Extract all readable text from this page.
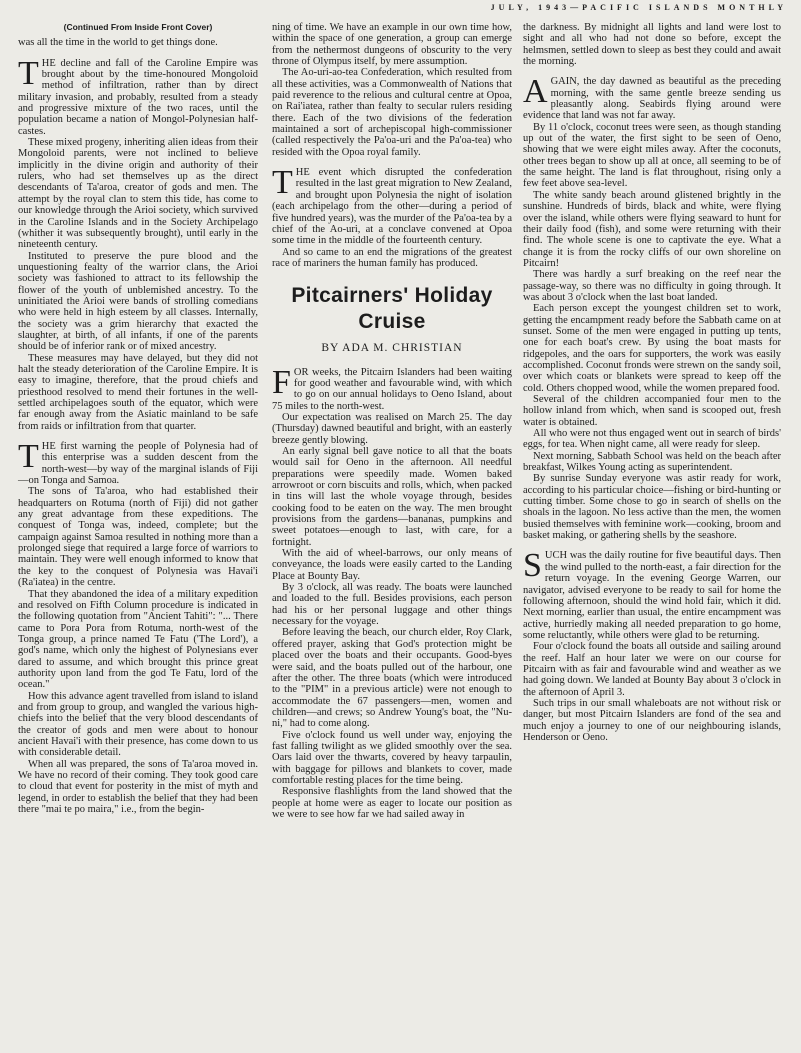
JULY, 1943—PACIFIC ISLANDS MONTHLY
(Continued From Inside Front Cover)

was all the time in the world to get things done.

THE decline and fall of the Caroline Empire was brought about by the time-honoured Mongoloid method of infiltration, rather than by direct military invasion, and probably, resulted from a steady and progressive mixture of the two races, until the population became a nation of Mongol-Polynesian half-castes.

These mixed progeny, inheriting alien ideas from their Mongoloid parents, were not inclined to believe implicitly in the divine origin and authority of their rulers, who had set themselves up as the direct descendants of Ta'aroa, creator of gods and men. The attempt by the royal clan to stem this tide, has come to our knowledge through the Arioi society, which survived in the Caroline Islands and in the Society Archipelago (whither it was subsequently brought), until early in the nineteenth century.

Instituted to preserve the pure blood and the unquestioning fealty of the warrior clans, the Arioi society was fashioned to attract to its fellowship the flower of the youth of unblemished ancestry. To the uninitiated the Arioi were bands of strolling comedians who were held in high esteem by all classes. Internally, the society was a grim hierarchy that exacted the slaughter, at birth, of all infants, if one of the parents should be of inferior rank or of mixed ancestry.

These measures may have delayed, but they did not halt the steady deterioration of the Caroline Empire. It is easy to imagine, therefore, that the proud chiefs and priesthood resolved to mend their fortunes in the well-settled archipelagoes south of the equator, which were far enough away from the Asiatic mainland to be safe from raids or infiltration from that quarter.

THE first warning the people of Polynesia had of this enterprise was a sudden descent from the north-west—by way of the marginal islands of Fiji—on Tonga and Samoa.

The sons of Ta'aroa, who had established their headquarters on Rotuma (north of Fiji) did not gather any great advantage from these expeditions. The conquest of Tonga was, indeed, complete; but the campaign against Samoa resulted in nothing more than a prolonged siege that required a large force of warriors to maintain. They were well enough informed to know that the key to the conquest of Polynesia was Havai'i (Ra'iatea) in the centre.

That they abandoned the idea of a military expedition and resolved on Fifth Column procedure is indicated in the following quotation from "Ancient Tahiti": "... There came to Pora Pora from Rotuma, north-west of the Tonga group, a prince named Te Fatu ('The Lord'), a god's name, which only the highest of Polynesians ever dared to assume, and which brought this prince great authority upon land from the god Te Fatu, lord of the ocean."

How this advance agent travelled from island to island and from group to group, and wangled the various high-chiefs into the belief that the very blood descendants of the creator of gods and men were about to honour ancient Havai'i with their presence, has come down to us with considerable detail.

When all was prepared, the sons of Ta'aroa moved in. We have no record of their coming. They took good care to cloud that event for posterity in the mist of myth and legend, in order to establish the belief that they had been there "mai te po maira," i.e., from the begin-

ning of time. We have an example in our own time how, within the space of one generation, a group can emerge from the nethermost dungeons of obscurity to the very throne of Olympus itself, by mere assumption.

The Ao-uri-ao-tea Confederation, which resulted from all these activities, was a Commonwealth of Nations that paid reverence to the relious and cultural centre at Opoa, on Rai'iatea, rather than fealty to secular rulers residing there. Each of the two divisions of the federation maintained a sort of archepiscopal high-commissioner (called respectively the Pa'oa-uri and the Pa'oa-tea) who resided with the Opoa royal family.

THE event which disrupted the confederation resulted in the last great migration to New Zealand, and brought upon Polynesia the night of isolation (each archipelago from the other—during a period of five hundred years), was the murder of the Pa'oa-tea by a chief of the Ao-uri, at a conclave convened at Opoa some time in the middle of the fourteenth century.

And so came to an end the migrations of the greatest race of mariners the human family has produced.

Pitcairners' Holiday Cruise
BY ADA M. CHRISTIAN

FOR weeks, the Pitcairn Islanders had been waiting for good weather and favourable wind, with which to go on our annual holidays to Oeno Island, about 75 miles to the north-west.

Our expectation was realised on March 25. The day (Thursday) dawned beautiful and bright, with an easterly breeze gently blowing.

An early signal bell gave notice to all that the boats would sail for Oeno in the afternoon. All needful preparations were speedily made. Women baked arrowroot or corn biscuits and rolls, which, when packed in tins will last the whole voyage through, besides cooking food to be eaten on the way. The men brought provisions from the gardens—bananas, pumpkins and sweet potatoes—enough to last, with care, for a fortnight.

With the aid of wheel-barrows, our only means of conveyance, the loads were easily carted to the Landing Place at Bounty Bay.

By 3 o'clock, all was ready. The boats were launched and loaded to the full. Besides provisions, each person had his or her personal luggage and other things necessary for the voyage.

Before leaving the beach, our church elder, Roy Clark, offered prayer, asking that God's protection might be placed over the boats and their occupants. Good-byes were said, and the boats pulled out of the harbour, one after the other. The three boats (which were introduced to the "PIM" in a previous article) were not enough to accommodate the 67 passengers—men, women and children—and crews; so Andrew Young's boat, the "Nu-ni," had to come along.

Five o'clock found us well under way, enjoying the fast falling twilight as we glided smoothly over the sea. Oars laid over the thwarts, covered by heavy tarpaulin, with baggage for pillows and blankets to cover, made comfortable resting places for the time being.

Responsive flashlights from the land showed that the people at home were as eager to locate our position as we were to see how far we had sailed away in

the darkness. By midnight all lights and land were lost to sight and all who had not done so before, except the helmsmen, settled down to sleep as best they could and await the morning.

AGAIN, the day dawned as beautiful as the preceding morning, with the same gentle breeze sending us pleasantly along. Seabirds flying around were evidence that land was not far away.

By 11 o'clock, coconut trees were seen, as though standing up out of the water, the first sight to be seen of Oeno, showing that we were eight miles away. After the coconuts, other trees began to show up all at once, all seeming to be of the same height. The land is flat throughout, rising only a few feet above sea-level.

The white sandy beach around glistened brightly in the sunshine. Hundreds of birds, black and white, were flying over the island, while others were flying seaward to hunt for their daily food (fish), and some were returning with their find. The whole scene is one to captivate the eye. What a change it is from the rocky cliffs of our own shoreline on Pitcairn!

There was hardly a surf breaking on the reef near the passage-way, so there was no difficulty in going through. It was about 3 o'clock when the last boat landed.

Each person except the youngest children set to work, getting the encampment ready before the Sabbath came on at sunset. Some of the men were engaged in putting up tents, one for each boat's crew. By using the boat masts for ridgepoles, and the oars for supporters, the work was easily accomplished. Coconut fronds were strewn on the sandy soil, over which coats or blankets were spread to keep off the cold. Others chopped wood, while the women prepared food.

Several of the children accompanied four men to the hollow inland from which, when sand is scooped out, fresh water is obtained.

All who were not thus engaged went out in search of birds' eggs, for tea. When night came, all were ready for sleep.

Next morning, Sabbath School was held on the beach after breakfast, Wilkes Young acting as superintendent.

By sunrise Sunday everyone was astir ready for work, according to his particular choice—fishing or bird-hunting or cutting timber. Some chose to go in search of shells on the shoals in the lagoon. No less active than the men, the women busied themselves with feminine work—cooking, broom and basket making, or gathering shells by the seashore.

SUCH was the daily routine for five beautiful days. Then the wind pulled to the north-east, a fair direction for the return voyage. In the evening George Warren, our navigator, advised everyone to be ready to sail for home the following afternoon, should the wind hold fair, which it did. Next morning, earlier than usual, the entire encampment was active, hurriedly making all needed preparation to go home, some reluctantly, while others were glad to be returning.

Four o'clock found the boats all outside and sailing around the reef. Half an hour later we were on our course for Pitcairn with as fair and favourable wind and weather as we had going down. We landed at Bounty Bay about 3 o'clock in the afternoon of April 3.

Such trips in our small whaleboats are not without risk or danger, but most Pitcairn Islanders are fond of the sea and much enjoy a journey to one of our neighbouring islands, Henderson or Oeno.
